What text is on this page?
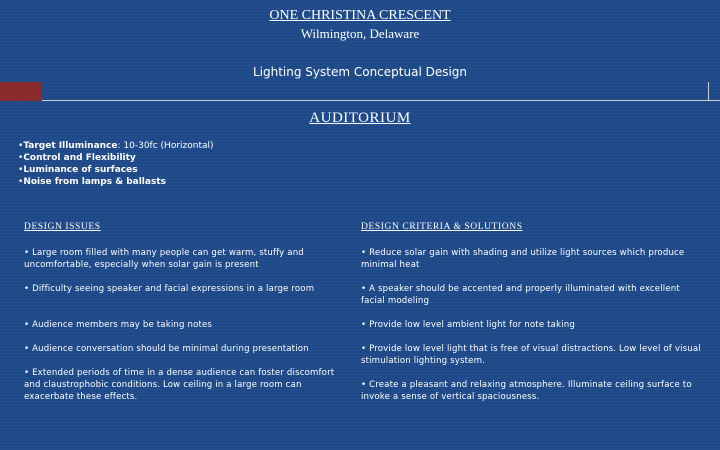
ONE CHRISTINA CRESCENT
Wilmington, Delaware
Lighting System Conceptual Design
AUDITORIUM
•Target Illuminance: 10-30fc (Horizontal)
•Control and Flexibility
•Luminance of surfaces
•Noise from lamps & ballasts
DESIGN ISSUES	DESIGN CRITERIA & SOLUTIONS
• Large room filled with many people can get warm, stuffy and uncomfortable, especially when solar gain is present
• Difficulty seeing speaker and facial expressions in a large room
• Audience members may be taking notes
• Audience conversation should be minimal during presentation
• Extended periods of time in a dense audience can foster discomfort and claustrophobic conditions. Low ceiling in a large room can exacerbate these effects.
• Reduce solar gain with shading and utilize light sources which produce minimal heat
• A speaker should be accented and properly illuminated with excellent facial modeling
• Provide low level ambient light for note taking
• Provide low level light that is free of visual distractions. Low level of visual stimulation lighting system.
• Create a pleasant and relaxing atmosphere. Illuminate ceiling surface to invoke a sense of vertical spaciousness.
